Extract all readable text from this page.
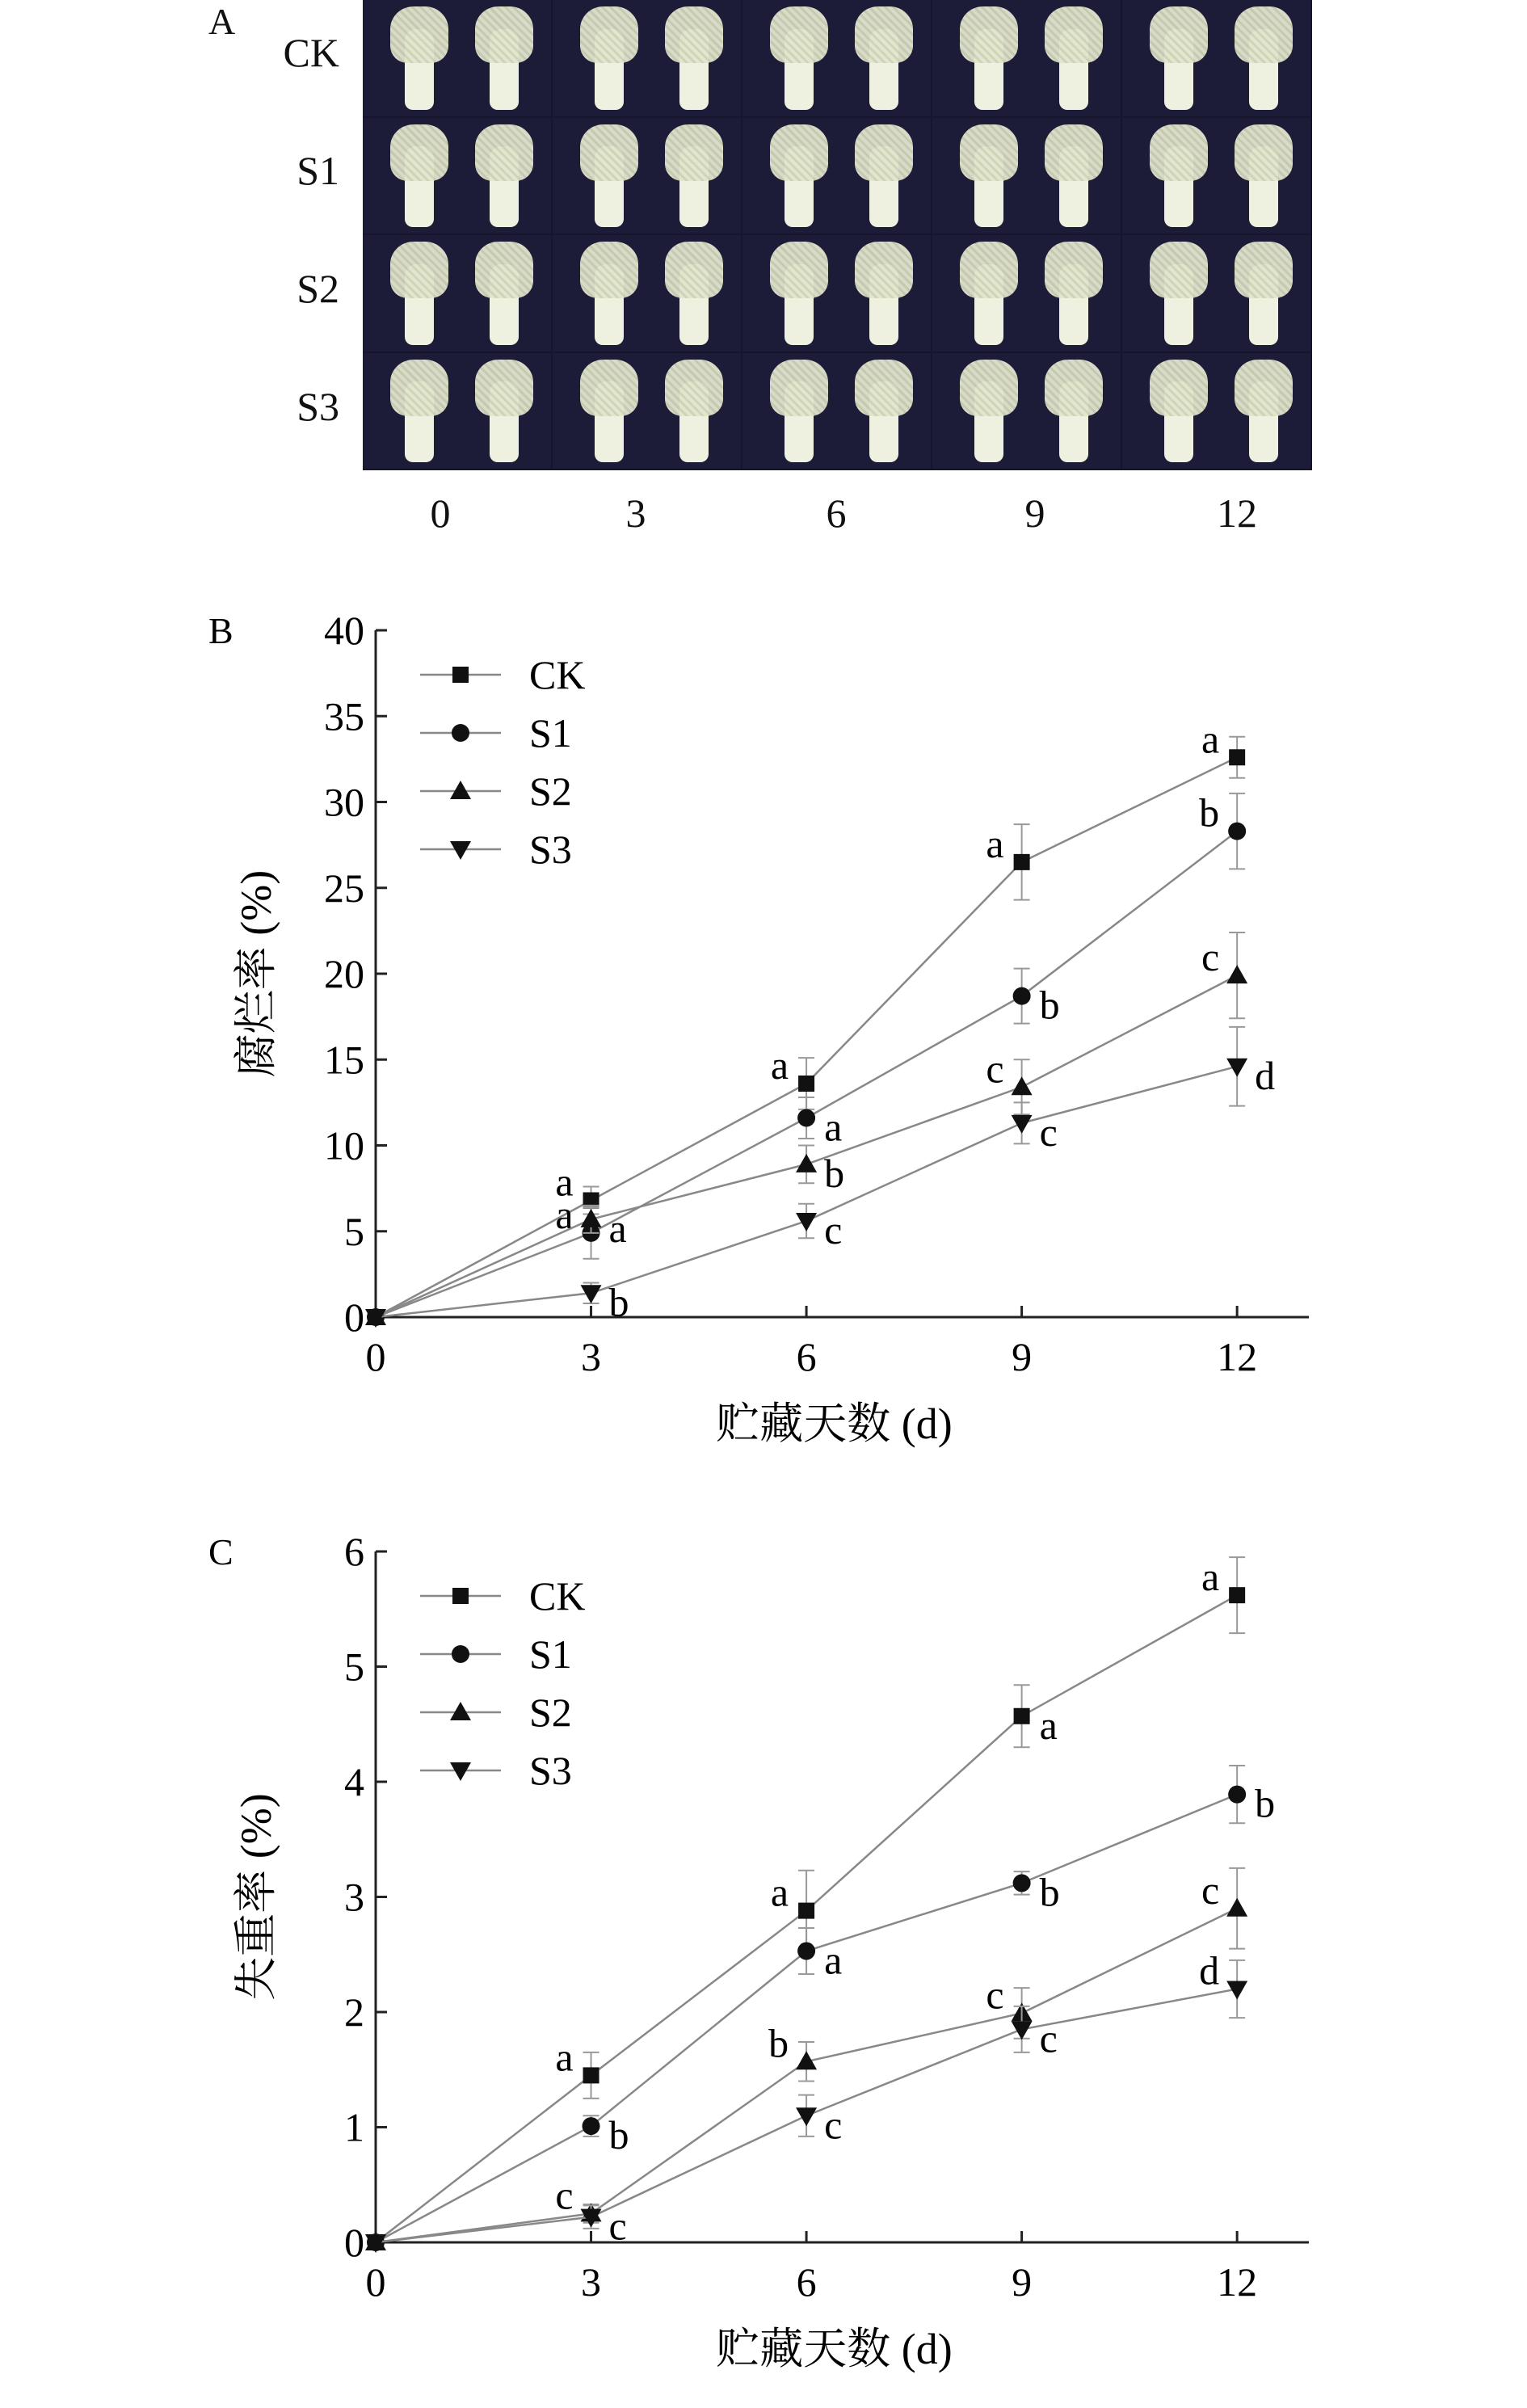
A
CK
S1
S2
S3
0	3	6	9	12
B
0
5
10
15
20
25
30
35
40
0	3	6	9	12
贮藏天数 (d)
腐烂率 (%)
a
a
a
a
CK
a
a
b
b
S1
a
b
c
c
S2
b
c
c
d
S3
C
0
1
2
3
4
5
6
0	3	6	9	12
贮藏天数 (d)
失重率 (%)
a
a
a
a
CK
b
a
b
b
S1
c
b
c
c
S2
c
c
c
d
S3
